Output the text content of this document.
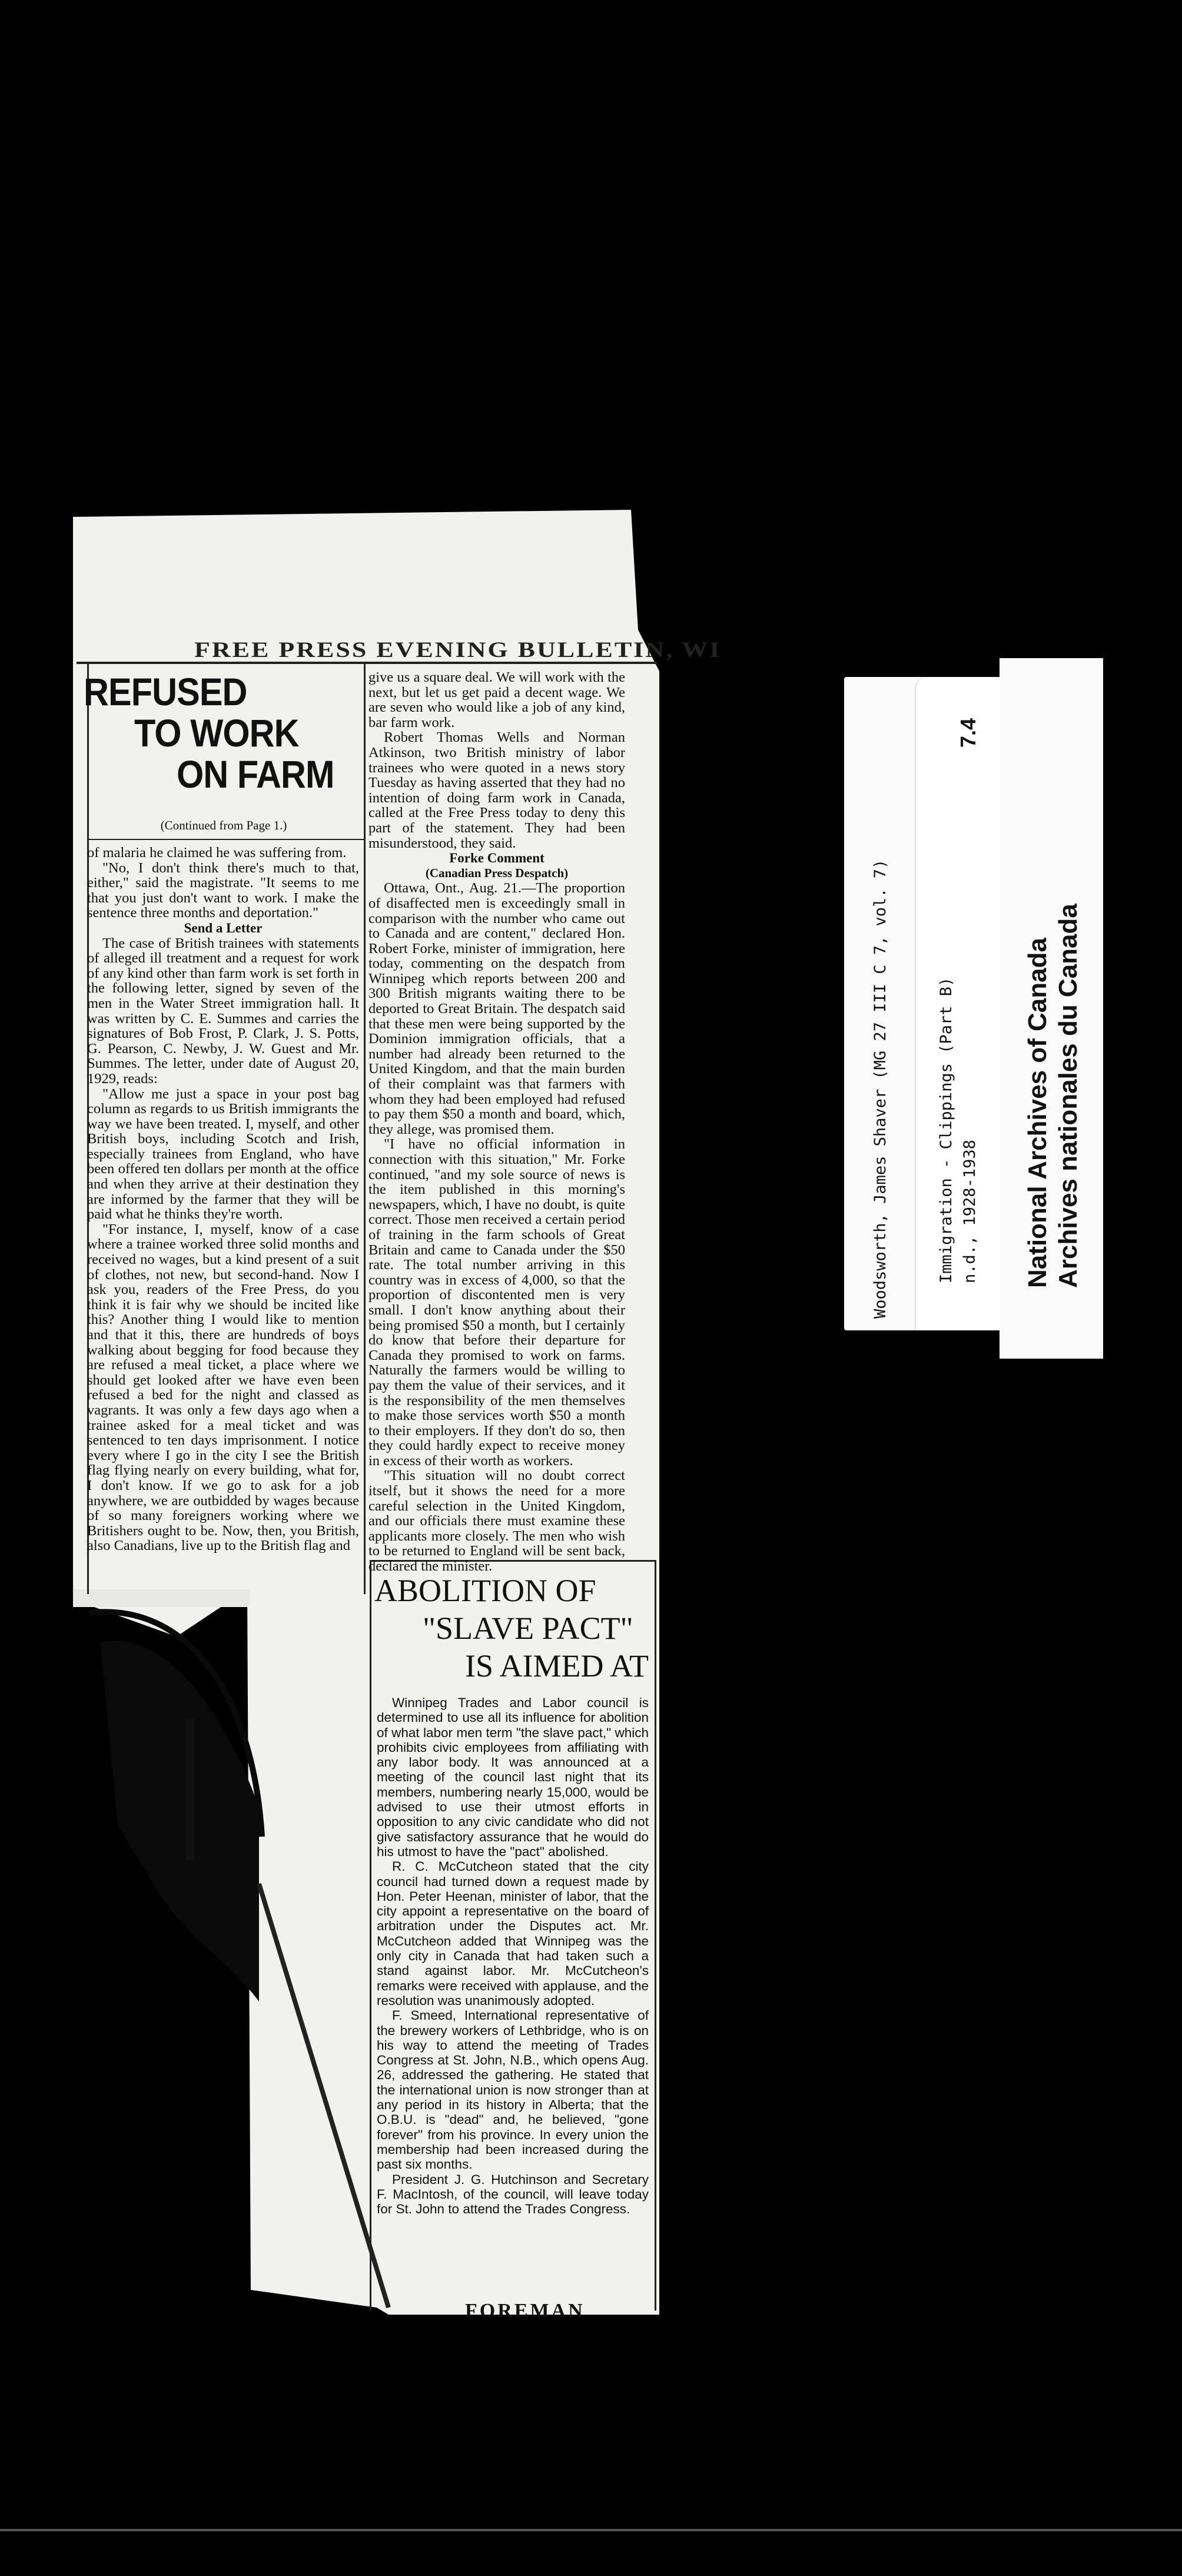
FREE PRESS EVENING BULLETIN, WI
REFUSED
TO WORK
ON FARM
(Continued from Page 1.)

of malaria he claimed he was suffering from.

"No, I don't think there's much to that, either," said the magistrate. "It seems to me that you just don't want to work. I make the sentence three months and deportation."

Send a Letter

The case of British trainees with statements of alleged ill treatment and a request for work of any kind other than farm work is set forth in the following letter, signed by seven of the men in the Water Street immigration hall. It was written by C. E. Summes and carries the signatures of Bob Frost, P. Clark, J. S. Potts, G. Pearson, C. Newby, J. W. Guest and Mr. Summes. The letter, under date of August 20, 1929, reads:

"Allow me just a space in your post bag column as regards to us British immigrants the way we have been treated. I, myself, and other British boys, including Scotch and Irish, especially trainees from England, who have been offered ten dollars per month at the office and when they arrive at their destination they are informed by the farmer that they will be paid what he thinks they're worth.

"For instance, I, myself, know of a case where a trainee worked three solid months and received no wages, but a kind present of a suit of clothes, not new, but second-hand. Now I ask you, readers of the Free Press, do you think it is fair why we should be incited like this? Another thing I would like to mention and that it this, there are hundreds of boys walking about begging for food because they are refused a meal ticket, a place where we should get looked after we have even been refused a bed for the night and classed as vagrants. It was only a few days ago when a trainee asked for a meal ticket and was sentenced to ten days imprisonment. I notice every where I go in the city I see the British flag flying nearly on every building, what for, I don't know. If we go to ask for a job anywhere, we are outbidded by wages because of so many foreigners working where we Britishers ought to be. Now, then, you British, also Canadians, live up to the British flag and

give us a square deal. We will work with the next, but let us get paid a decent wage. We are seven who would like a job of any kind, bar farm work.

Robert Thomas Wells and Norman Atkinson, two British ministry of labor trainees who were quoted in a news story Tuesday as having asserted that they had no intention of doing farm work in Canada, called at the Free Press today to deny this part of the statement. They had been misunderstood, they said.

Forke Comment

(Canadian Press Despatch)

Ottawa, Ont., Aug. 21.—The proportion of disaffected men is exceedingly small in comparison with the number who came out to Canada and are content," declared Hon. Robert Forke, minister of immigration, here today, commenting on the despatch from Winnipeg which reports between 200 and 300 British migrants waiting there to be deported to Great Britain. The despatch said that these men were being supported by the Dominion immigration officials, that a number had already been returned to the United Kingdom, and that the main burden of their complaint was that farmers with whom they had been employed had refused to pay them $50 a month and board, which, they allege, was promised them.

"I have no official information in connection with this situation," Mr. Forke continued, "and my sole source of news is the item published in this morning's newspapers, which, I have no doubt, is quite correct. Those men received a certain period of training in the farm schools of Great Britain and came to Canada under the $50 rate. The total number arriving in this country was in excess of 4,000, so that the proportion of discontented men is very small. I don't know anything about their being promised $50 a month, but I certainly do know that before their departure for Canada they promised to work on farms. Naturally the farmers would be willing to pay them the value of their services, and it is the responsibility of the men themselves to make those services worth $50 a month to their employers. If they don't do so, then they could hardly expect to receive money in excess of their worth as workers.

"This situation will no doubt correct itself, but it shows the need for a more careful selection in the United Kingdom, and our officials there must examine these applicants more closely. The men who wish to be returned to England will be sent back, declared the minister.

ABOLITION OF
"SLAVE PACT"
IS AIMED AT

Winnipeg Trades and Labor council is determined to use all its influence for abolition of what labor men term "the slave pact," which prohibits civic employees from affiliating with any labor body. It was announced at a meeting of the council last night that its members, numbering nearly 15,000, would be advised to use their utmost efforts in opposition to any civic candidate who did not give satisfactory assurance that he would do his utmost to have the "pact" abolished.

R. C. McCutcheon stated that the city council had turned down a request made by Hon. Peter Heenan, minister of labor, that the city appoint a representative on the board of arbitration under the Disputes act. Mr. McCutcheon added that Winnipeg was the only city in Canada that had taken such a stand against labor. Mr. McCutcheon's remarks were received with applause, and the resolution was unanimously adopted.

F. Smeed, International representative of the brewery workers of Lethbridge, who is on his way to attend the meeting of Trades Congress at St. John, N.B., which opens Aug. 26, addressed the gathering. He stated that the international union is now stronger than at any period in its history in Alberta; that the O.B.U. is "dead" and, he believed, "gone forever" from his province. In every union the membership had been increased during the past six months.

President J. G. Hutchinson and Secretary F. MacIntosh, of the council, will leave today for St. John to attend the Trades Congress.

FOREMAN
Woodsworth, James Shaver (MG 27 III C 7, vol. 7)	Immigration - Clippings (Part B) n.d., 1928-1938
7.4
National Archives of Canada Archives nationales du Canada
